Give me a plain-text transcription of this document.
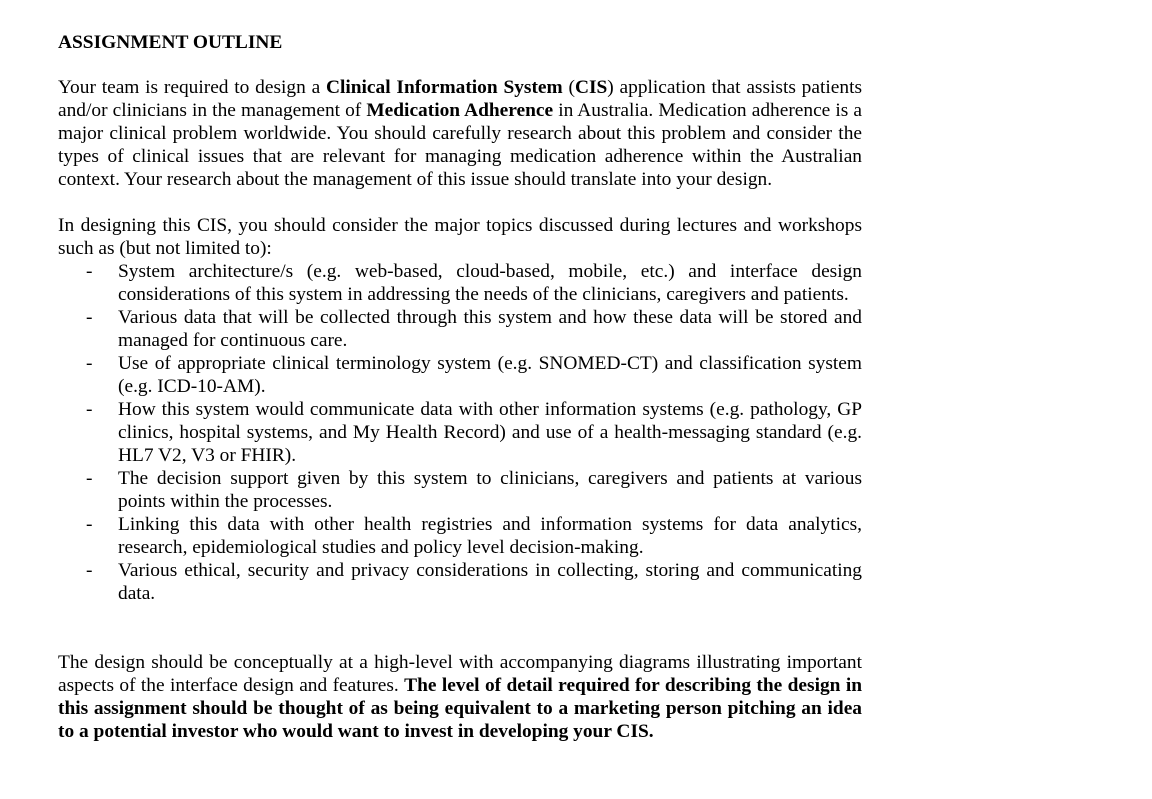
ASSIGNMENT OUTLINE

Your team is required to design a Clinical Information System (CIS) application that assists patients and/or clinicians in the management of Medication Adherence in Australia. Medication adherence is a major clinical problem worldwide. You should carefully research about this problem and consider the types of clinical issues that are relevant for managing medication adherence within the Australian context. Your research about the management of this issue should translate into your design.

In designing this CIS, you should consider the major topics discussed during lectures and workshops such as (but not limited to):

- System architecture/s (e.g. web-based, cloud-based, mobile, etc.) and interface design considerations of this system in addressing the needs of the clinicians, caregivers and patients.
- Various data that will be collected through this system and how these data will be stored and managed for continuous care.
- Use of appropriate clinical terminology system (e.g. SNOMED-CT) and classification system (e.g. ICD-10-AM).
- How this system would communicate data with other information systems (e.g. pathology, GP clinics, hospital systems, and My Health Record) and use of a health-messaging standard (e.g. HL7 V2, V3 or FHIR).
- The decision support given by this system to clinicians, caregivers and patients at various points within the processes.
- Linking this data with other health registries and information systems for data analytics, research, epidemiological studies and policy level decision-making.
- Various ethical, security and privacy considerations in collecting, storing and communicating data.

The design should be conceptually at a high-level with accompanying diagrams illustrating important aspects of the interface design and features. The level of detail required for describing the design in this assignment should be thought of as being equivalent to a marketing person pitching an idea to a potential investor who would want to invest in developing your CIS.
